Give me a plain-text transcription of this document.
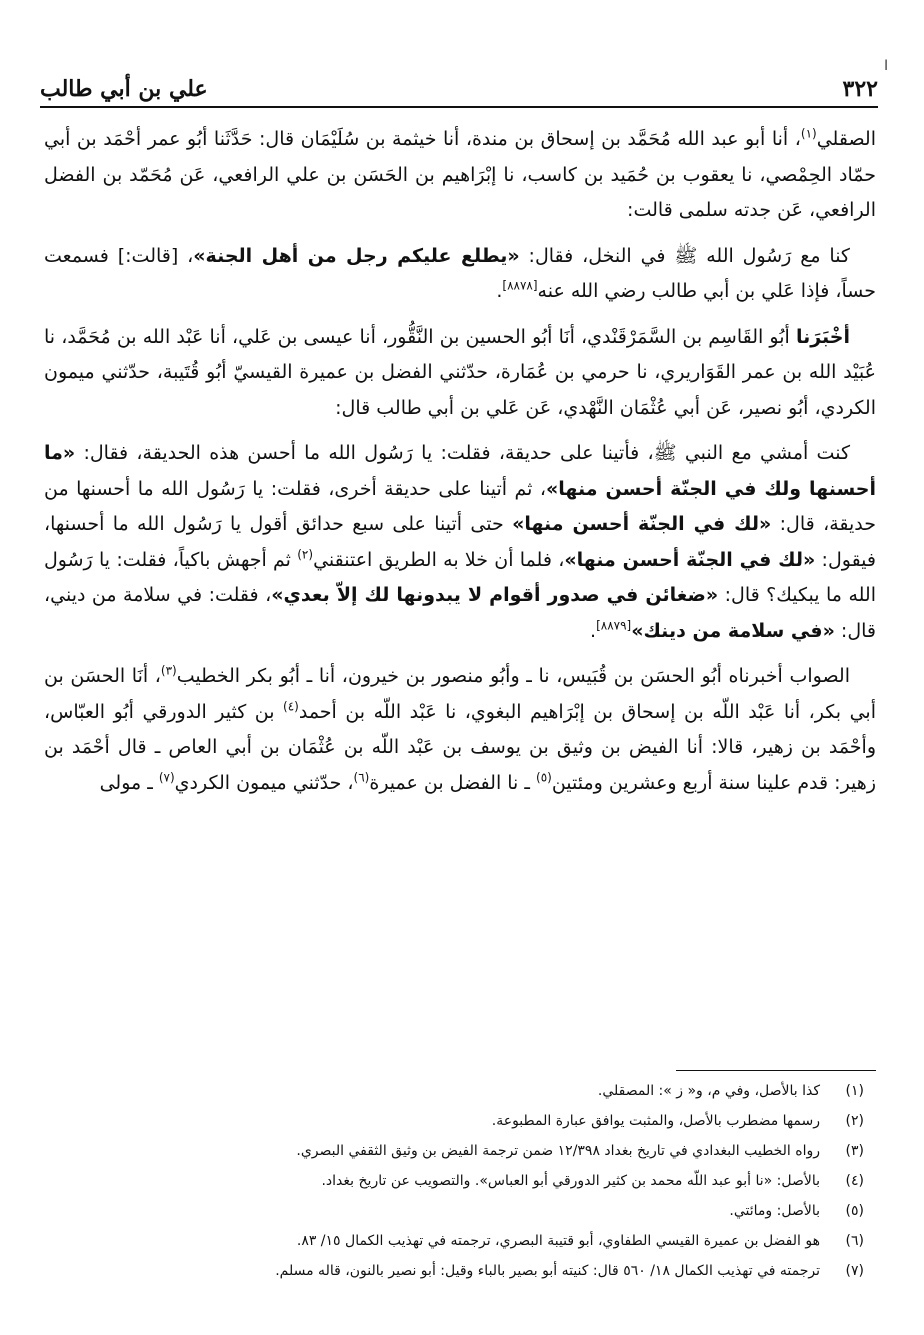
ا
٣٢٢
علي بن أبي طالب

الصقلي$^{(١)}$، أنا أبو عبد الله مُحَمَّد بن إسحاق بن مندة، أنا خيثمة بن سُلَيْمَان قال: حَدَّثَنا أبُو عمر أحْمَد بن أبي حمّاد الحِمْصي، نا يعقوب بن حُمَيد بن كاسب، نا إبْرَاهيم بن الحَسَن بن علي الرافعي، عَن مُحَمّد بن الفضل الرافعي، عَن جدته سلمى قالت:

كنا مع رَسُول الله ﷺ في النخل، فقال: «يطلع عليكم رجل من أهل الجنة»، [قالت:] فسمعت حساً، فإذا عَلي بن أبي طالب رضي الله عنه[٨٨٧٨].

أخْبَرَنا أبُو القَاسِم بن السَّمَرْقَنْدي، أنَا أبُو الحسين بن النَّقُّور، أنا عيسى بن عَلي، أنا عَبْد الله بن مُحَمَّد، نا عُبَيْد الله بن عمر القَوَاريري، نا حرمي بن عُمَارة، حدّثني الفضل بن عميرة القيسيّ أبُو قُتَيبة، حدّثني ميمون الكردي، أبُو نصير، عَن أبي عُثْمَان النَّهْدي، عَن عَلي بن أبي طالب قال:

كنت أمشي مع النبي ﷺ، فأتينا على حديقة، فقلت: يا رَسُول الله ما أحسن هذه الحديقة، فقال: «ما أحسنها ولك في الجنّة أحسن منها»، ثم أتينا على حديقة أخرى، فقلت: يا رَسُول الله ما أحسنها من حديقة، قال: «لك في الجنّة أحسن منها» حتى أتينا على سبع حدائق أقول يا رَسُول الله ما أحسنها، فيقول: «لك في الجنّة أحسن منها»، فلما أن خلا به الطريق اعتنقني$^{(٢)}$ ثم أجهش باكياً، فقلت: يا رَسُول الله ما يبكيك؟ قال: «ضغائن في صدور أقوام لا يبدونها لك إلاّ بعدي»، فقلت: في سلامة من ديني، قال: «في سلامة من دينك»[٨٨٧٩].

الصواب أخبرناه أبُو الحسَن بن قُبَيس، نا ـ وأبُو منصور بن خيرون، أنا ـ أبُو بكر الخطيب$^{(٣)}$، أنَا الحسَن بن أبي بكر، أنا عَبْد اللّه بن إسحاق بن إبْرَاهيم البغوي، نا عَبْد اللّه بن أحمد$^{(٤)}$ بن كثير الدورقي أبُو العبّاس، وأحْمَد بن زهير، قالا: أنا الفيض بن وثيق بن يوسف بن عَبْد اللّه بن عُثْمَان بن أبي العاص ـ قال أحْمَد بن زهير: قدم علينا سنة أربع وعشرين ومئتين$^{(٥)}$ ـ نا الفضل بن عميرة$^{(٦)}$، حدّثني ميمون الكردي$^{(٧)}$ ـ مولى

(١)
كذا بالأصل، وفي م، و« ز »: المصقلي.
(٢)
رسمها مضطرب بالأصل، والمثبت يوافق عبارة المطبوعة.
(٣)
رواه الخطيب البغدادي في تاريخ بغداد ١٢/٣٩٨ ضمن ترجمة الفيض بن وثيق الثقفي البصري.
(٤)
بالأصل: «نا أبو عبد اللّه محمد بن كثير الدورقي أبو العباس». والتصويب عن تاريخ بغداد.
(٥)
بالأصل: ومائتي.
(٦)
هو الفضل بن عميرة القيسي الطفاوي، أبو قتيبة البصري، ترجمته في تهذيب الكمال ١٥/ ٨٣.
(٧)
ترجمته في تهذيب الكمال ١٨/ ٥٦٠ قال: كنيته أبو بصير بالباء وقيل: أبو نصير بالنون، قاله مسلم.
